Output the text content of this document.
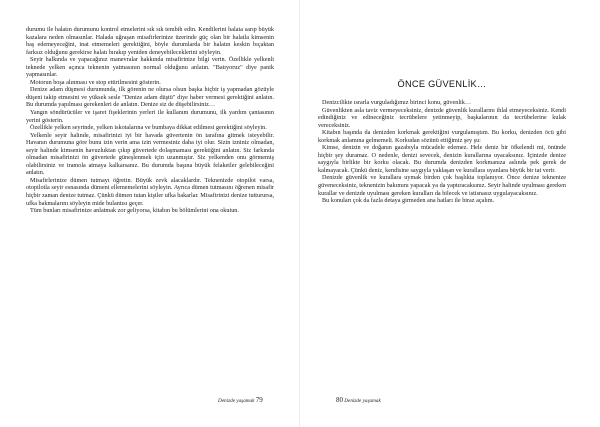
durumu ile halatın durumunu kontrol etmelerini sık sık tembih edin. Kendilerini halata sarıp büyük kazalara neden olmasınlar. Halada uğraşan misafirlerinize üzerinde güç olan bir halatla kimsenin baş edemeyeceğini, inat etmemeleri gerektiğini, böyle durumlarda bir halatın keskin bıçaktan farksız olduğunu gerekirse halatı bırakıp yeniden deneyebileceklerini söyleyin.

Seyir halkında ve yapacağınız manevralar hakkında misafirinize bilgi verin. Özellikle yelkenli teknede yelken açınca teknenin yatmasının normal olduğunu anlatın. "Batıyoruz" diye panik yapmasınlar.

Motorun boşa alınması ve stop ettirilmesini gösterin.

Denize adam düşmesi durumunda, ilk görenin ne olursa olsun başka hiçbir iş yapmadan gözüyle düşeni takip etmesini ve yüksek sesle "Denize adam düştü" diye haber vermesi gerektiğini anlatın. Bu durumda yapılması gerekenleri de anlatın. Denize siz de düşebilirsiniz…

Yangın söndürücüler ve işaret fişeklerinin yerleri ile kullanım durumunu, ilk yardım çantasının yerini gösterin.

Özellikle yelken seyrinde, yelken iskotalarına ve bumbaya dikkat edilmesi gerektiğini söyleyin.

Yelkenle seyir halinde, misafirinizi iyi bir havada güvertenin ön tarafına gitmek isteyebilir. Havanın durumuna göre bunu izin verin ama izin vermesiniz daha iyi olur. Sizin izniniz olmadan, seyir halinde kimsenin havuzluktan çıkıp güvertede dolaşmaması gerektiğini anlatın. Siz farkında olmadan misafirinizi ön güvertede güneşlenmek için uzanmıştır. Siz yelkenden onu görmemiş olabilirsiniz ve tramola atmaya kalkarsanız. Bu durumda başına büyük felaketler gelebileceğini anlatın.

Misafirlerinize dümen tutmayı öğretin. Büyük zevk alacaklardır. Teknenizde otopilot varsa, otopilotla seyir esnasında dümeni ellememelerini söyleyin. Ayrıca dümen tutmasını öğrenen misafir hiçbir zaman denize tutmaz. Çünkü dümen tutan kişiler ufka bakarlar. Misafirinizi denize tutturursa, ufka bakmalarını söyleyin mide bulantısı geçer.

Tüm bunları misafirinize anlatmak zor geliyorsa, kitabın bu bölümlerini ona okutun.

ÖNCE GÜVENLİK…

Denizcilikte ısrarla vurguladığımız birinci konu, güvenlik…

Güvenlikten asla taviz vermeyeceksiniz, denizde güvenlik kurallarını ihlal etmeyeceksiniz. Kendi edindiğiniz ve edineceğiniz tecrübelere yetinmeyip, başkalarının da tecrübelerine kulak vereceksiniz.

Kitabın başında da denizden korkmak gerektiğini vurgulamıştım. Bu korku, denizden öcü gibi korkmak anlamına gelmemeli. Korkudan sözünü ettiğimiz şey şu:

Kimse, denizin ve doğanın gazabıyla mücadele edemez. Hele deniz bir öfkelendi mi, önünde hiçbir şey duramaz. O nedenle, denizi sevecek, denizin kurallarına uyacaksınız. İçinizde denize saygıyla birlikte bir korku olacak. Bu durumda denizden korkmanıza aslında pek gerek de kalmayacak. Çünkü deniz, kendisine saygıyla yaklaşan ve kurallara uyanlara büyük bir tat verir.

Denizde güvenlik ve kurallara uymak birden çok başlıkta toplanıyor. Önce denize teknenize güveneceksiniz, teknenizin bakımını yapacak ya da yaptıracaksınız. Seyir halinde uyulması gereken kurallar ve denizde uyulması gereken kuralları da bilecek ve istisnasız uygulayacaksınız.

Bu konuları çok da fazla detaya girmeden ana hatları ile biraz açalım.

Denizde yaşamak 79	80 Denizde yaşamak
